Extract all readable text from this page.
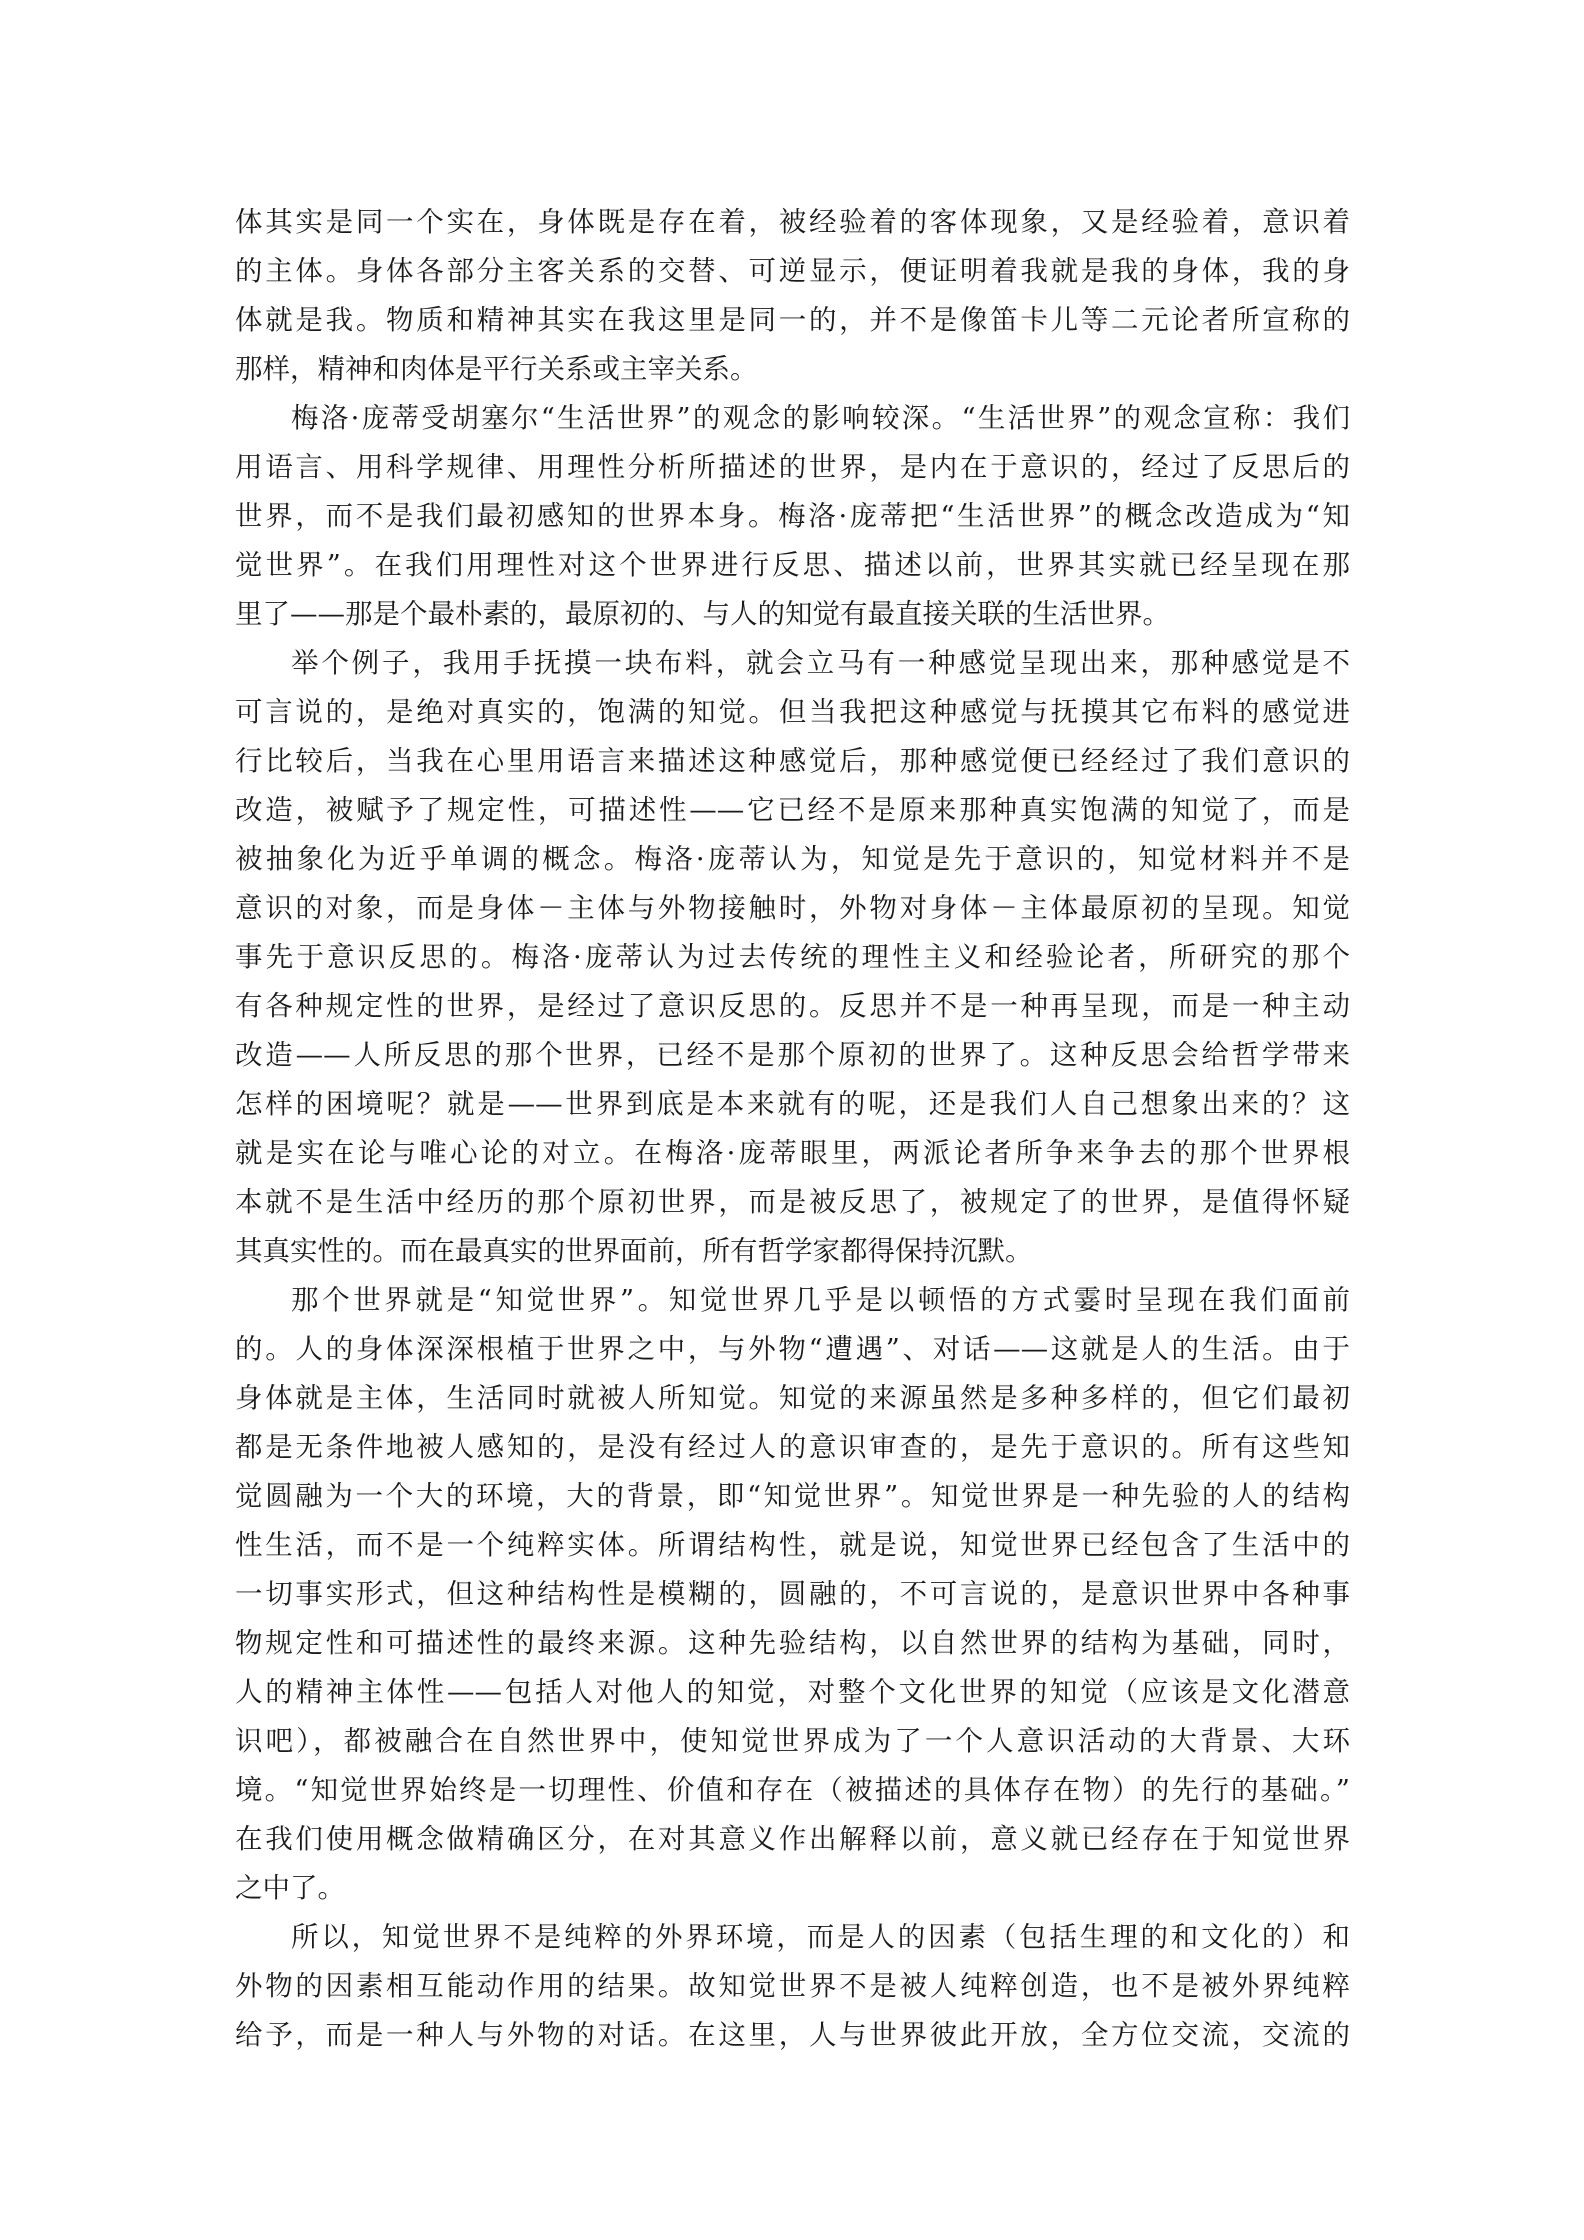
体其实是同一个实在，身体既是存在着，被经验着的客体现象，又是经验着，意识着
的主体。身体各部分主客关系的交替、可逆显示，便证明着我就是我的身体，我的身
体就是我。物质和精神其实在我这里是同一的，并不是像笛卡儿等二元论者所宣称的
那样，精神和肉体是平行关系或主宰关系。
梅洛·庞蒂受胡塞尔“生活世界”的观念的影响较深。“生活世界”的观念宣称：我们
用语言、用科学规律、用理性分析所描述的世界，是内在于意识的，经过了反思后的
世界，而不是我们最初感知的世界本身。梅洛·庞蒂把“生活世界”的概念改造成为“知
觉世界”。在我们用理性对这个世界进行反思、描述以前，世界其实就已经呈现在那
里了——那是个最朴素的，最原初的、与人的知觉有最直接关联的生活世界。
举个例子，我用手抚摸一块布料，就会立马有一种感觉呈现出来，那种感觉是不
可言说的，是绝对真实的，饱满的知觉。但当我把这种感觉与抚摸其它布料的感觉进
行比较后，当我在心里用语言来描述这种感觉后，那种感觉便已经经过了我们意识的
改造，被赋予了规定性，可描述性——它已经不是原来那种真实饱满的知觉了，而是
被抽象化为近乎单调的概念。梅洛·庞蒂认为，知觉是先于意识的，知觉材料并不是
意识的对象，而是身体－主体与外物接触时，外物对身体－主体最原初的呈现。知觉
事先于意识反思的。梅洛·庞蒂认为过去传统的理性主义和经验论者，所研究的那个
有各种规定性的世界，是经过了意识反思的。反思并不是一种再呈现，而是一种主动
改造——人所反思的那个世界，已经不是那个原初的世界了。这种反思会给哲学带来
怎样的困境呢？就是——世界到底是本来就有的呢，还是我们人自己想象出来的？这
就是实在论与唯心论的对立。在梅洛·庞蒂眼里，两派论者所争来争去的那个世界根
本就不是生活中经历的那个原初世界，而是被反思了，被规定了的世界，是值得怀疑
其真实性的。而在最真实的世界面前，所有哲学家都得保持沉默。
那个世界就是“知觉世界”。知觉世界几乎是以顿悟的方式霎时呈现在我们面前
的。人的身体深深根植于世界之中，与外物“遭遇”、对话——这就是人的生活。由于
身体就是主体，生活同时就被人所知觉。知觉的来源虽然是多种多样的，但它们最初
都是无条件地被人感知的，是没有经过人的意识审查的，是先于意识的。所有这些知
觉圆融为一个大的环境，大的背景，即“知觉世界”。知觉世界是一种先验的人的结构
性生活，而不是一个纯粹实体。所谓结构性，就是说，知觉世界已经包含了生活中的
一切事实形式，但这种结构性是模糊的，圆融的，不可言说的，是意识世界中各种事
物规定性和可描述性的最终来源。这种先验结构，以自然世界的结构为基础，同时，
人的精神主体性——包括人对他人的知觉，对整个文化世界的知觉（应该是文化潜意
识吧），都被融合在自然世界中，使知觉世界成为了一个人意识活动的大背景、大环
境。“知觉世界始终是一切理性、价值和存在（被描述的具体存在物）的先行的基础。”
在我们使用概念做精确区分，在对其意义作出解释以前，意义就已经存在于知觉世界
之中了。
所以，知觉世界不是纯粹的外界环境，而是人的因素（包括生理的和文化的）和
外物的因素相互能动作用的结果。故知觉世界不是被人纯粹创造，也不是被外界纯粹
给予，而是一种人与外物的对话。在这里，人与世界彼此开放，全方位交流，交流的
